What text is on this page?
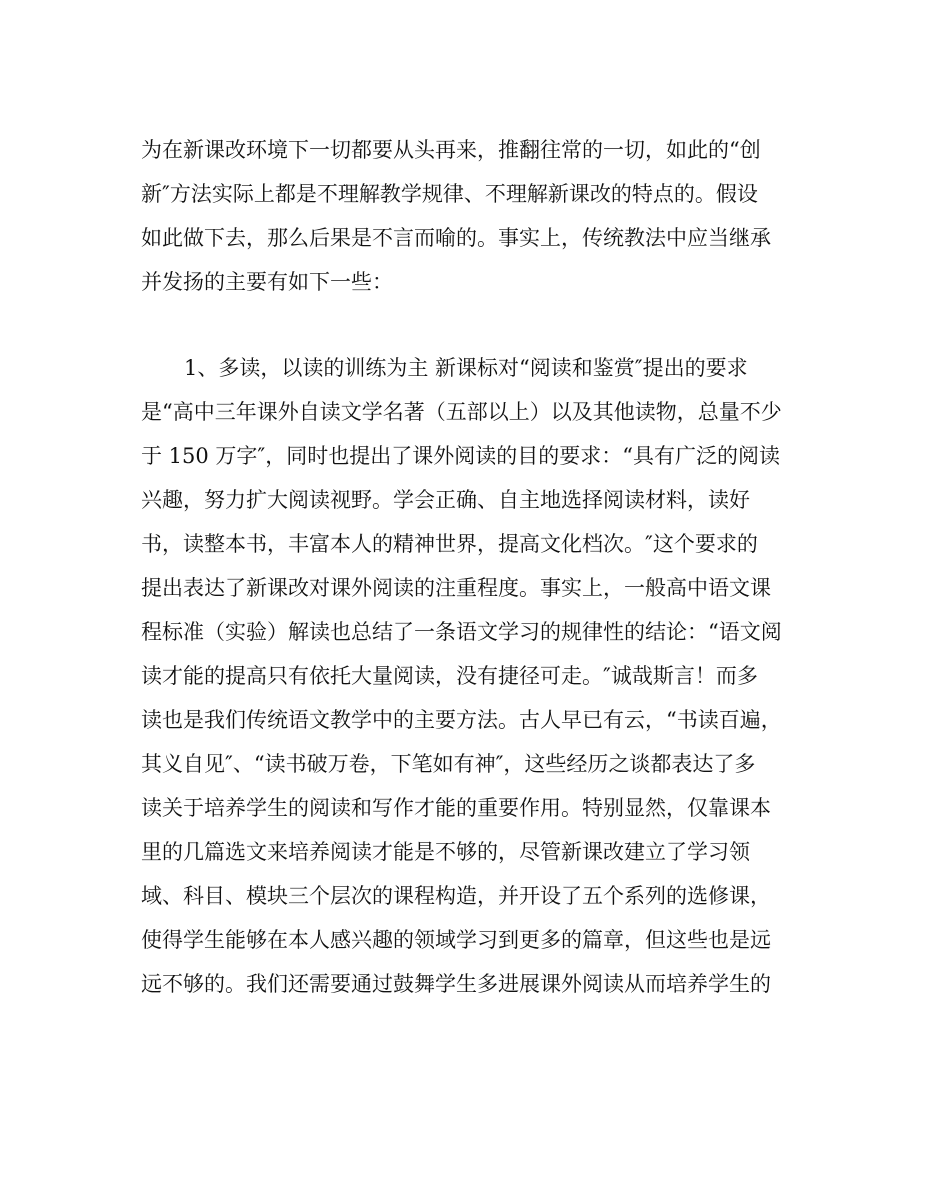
为在新课改环境下一切都要从头再来，推翻往常的一切，如此的“创
新″方法实际上都是不理解教学规律、不理解新课改的特点的。假设
如此做下去，那么后果是不言而喻的。事实上，传统教法中应当继承
并发扬的主要有如下一些：
1、多读，以读的训练为主 新课标对“阅读和鉴赏″提出的要求
是“高中三年课外自读文学名著（五部以上）以及其他读物，总量不少
于 150 万字″，同时也提出了课外阅读的目的要求：“具有广泛的阅读
兴趣，努力扩大阅读视野。学会正确、自主地选择阅读材料，读好
书，读整本书，丰富本人的精神世界，提高文化档次。″这个要求的
提出表达了新课改对课外阅读的注重程度。事实上，一般高中语文课
程标准（实验）解读也总结了一条语文学习的规律性的结论：“语文阅
读才能的提高只有依托大量阅读，没有捷径可走。″诚哉斯言！而多
读也是我们传统语文教学中的主要方法。古人早已有云，“书读百遍，
其义自见″、“读书破万卷，下笔如有神″，这些经历之谈都表达了多
读关于培养学生的阅读和写作才能的重要作用。特别显然，仅靠课本
里的几篇选文来培养阅读才能是不够的，尽管新课改建立了学习领
域、科目、模块三个层次的课程构造，并开设了五个系列的选修课，
使得学生能够在本人感兴趣的领域学习到更多的篇章，但这些也是远
远不够的。我们还需要通过鼓舞学生多进展课外阅读从而培养学生的
